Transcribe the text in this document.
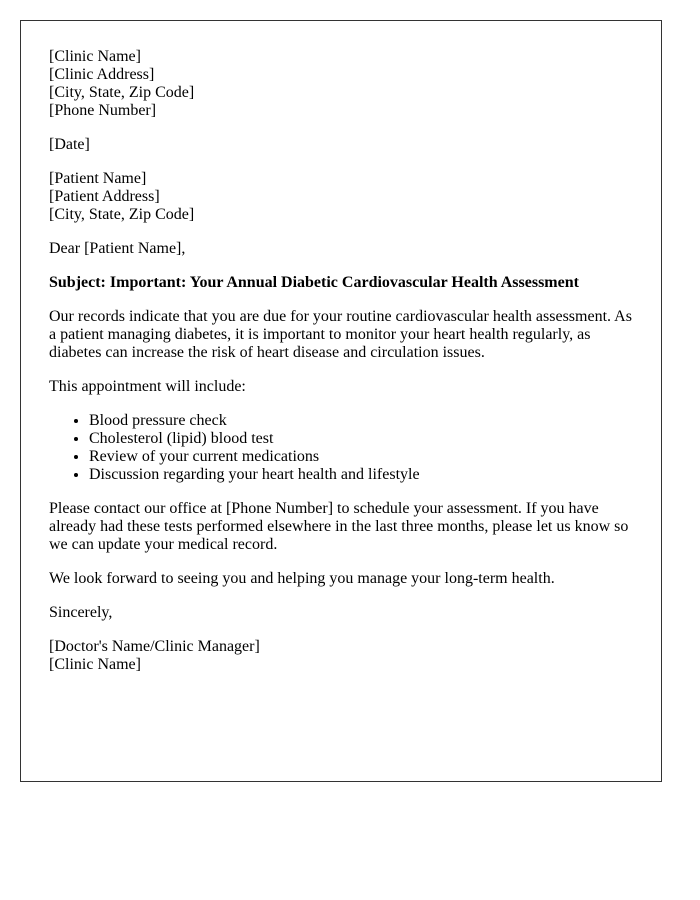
[Clinic Name]
[Clinic Address]
[City, State, Zip Code]
[Phone Number]

[Date]

[Patient Name]
[Patient Address]
[City, State, Zip Code]

Dear [Patient Name],

Subject: Important: Your Annual Diabetic Cardiovascular Health Assessment

Our records indicate that you are due for your routine cardiovascular health assessment. As a patient managing diabetes, it is important to monitor your heart health regularly, as diabetes can increase the risk of heart disease and circulation issues.

This appointment will include:

• Blood pressure check
• Cholesterol (lipid) blood test
• Review of your current medications
• Discussion regarding your heart health and lifestyle

Please contact our office at [Phone Number] to schedule your assessment. If you have already had these tests performed elsewhere in the last three months, please let us know so we can update your medical record.

We look forward to seeing you and helping you manage your long-term health.

Sincerely,

[Doctor's Name/Clinic Manager]
[Clinic Name]
